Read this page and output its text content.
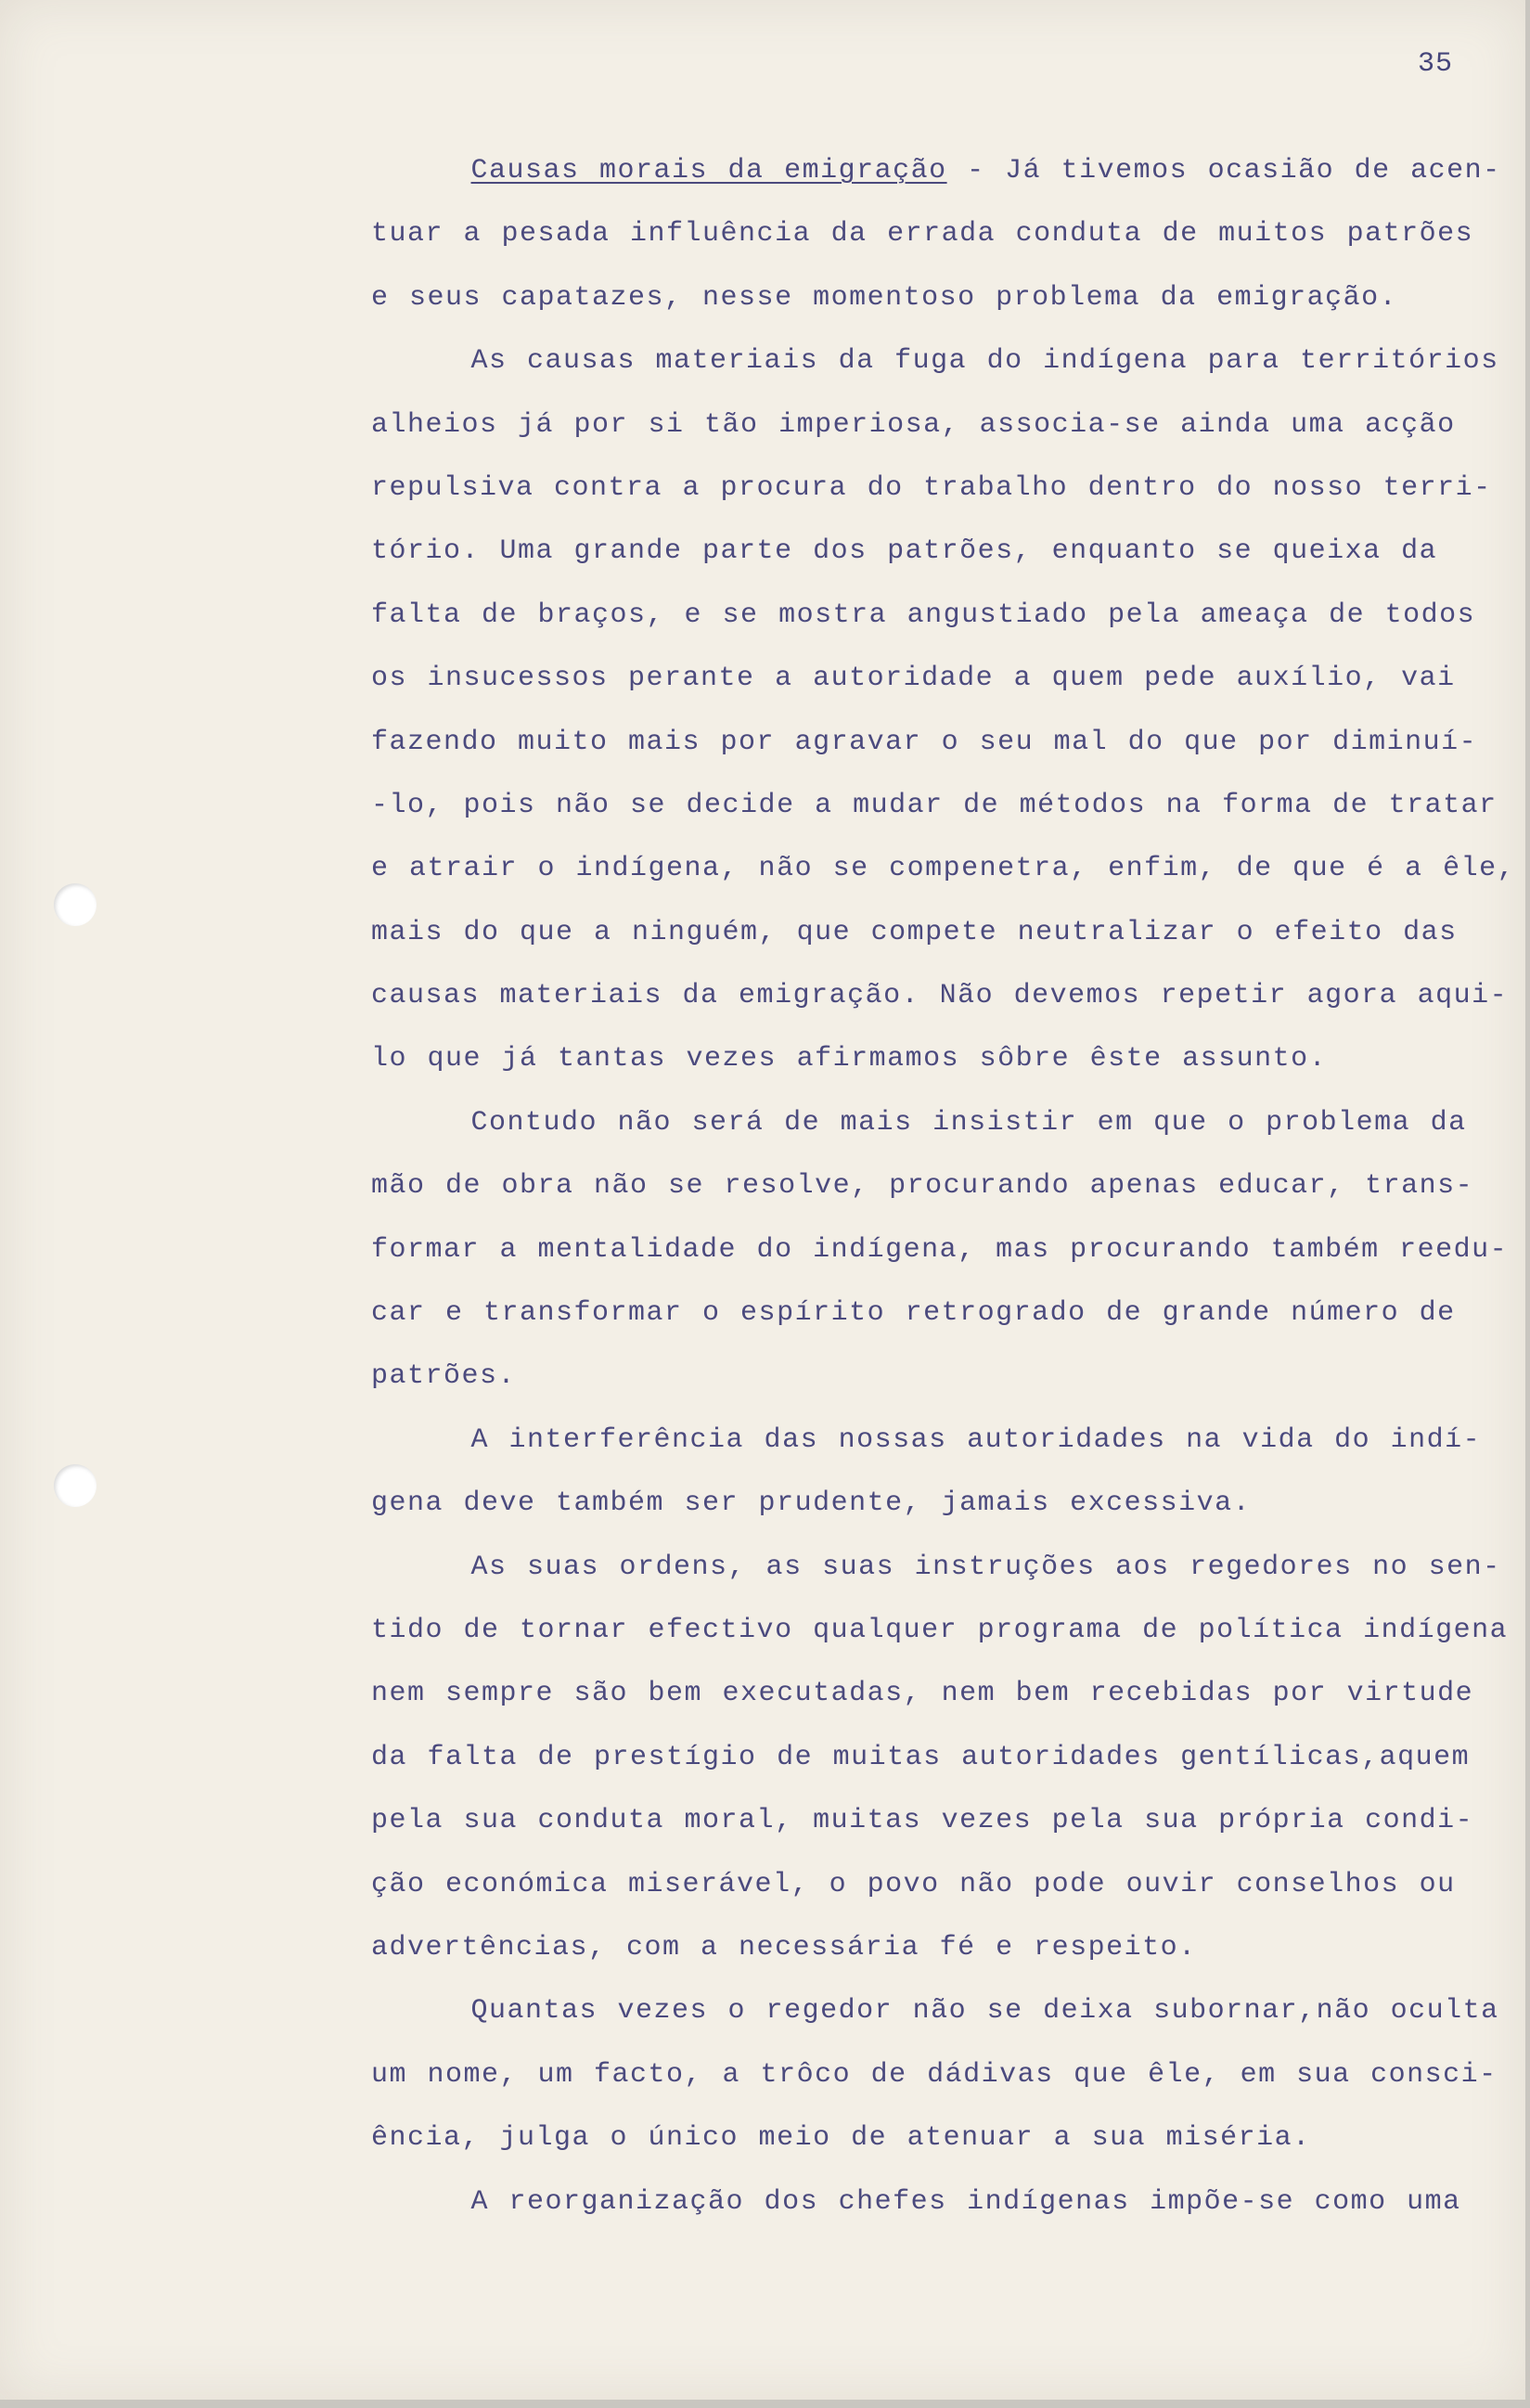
35
Causas morais da emigração - Já tivemos ocasião de acen-
tuar a pesada influência da errada conduta de muitos patrões
e seus capatazes, nesse momentoso problema da emigração.
As causas materiais da fuga do indígena para territórios
alheios já por si tão imperiosa, associa-se ainda uma acção
repulsiva contra a procura do trabalho dentro do nosso terri-
tório. Uma grande parte dos patrões, enquanto se queixa da
falta de braços, e se mostra angustiado pela ameaça de todos
os insucessos perante a autoridade a quem pede auxílio, vai
fazendo muito mais por agravar o seu mal do que por diminuí-
-lo, pois não se decide a mudar de métodos na forma de tratar
e atrair o indígena, não se compenetra, enfim, de que é a êle,
mais do que a ninguém, que compete neutralizar o efeito das
causas materiais da emigração. Não devemos repetir agora aqui-
lo que já tantas vezes afirmamos sôbre êste assunto.
Contudo não será de mais insistir em que o problema da
mão de obra não se resolve, procurando apenas educar, trans-
formar a mentalidade do indígena, mas procurando também reedu-
car e transformar o espírito retrogrado de grande número de
patrões.
A interferência das nossas autoridades na vida do indí-
gena deve também ser prudente, jamais excessiva.
As suas ordens, as suas instruções aos regedores no sen-
tido de tornar efectivo qualquer programa de política indígena
nem sempre são bem executadas, nem bem recebidas por virtude
da falta de prestígio de muitas autoridades gentílicas,aquem
pela sua conduta moral, muitas vezes pela sua própria condi-
ção económica miserável, o povo não pode ouvir conselhos ou
advertências, com a necessária fé e respeito.
Quantas vezes o regedor não se deixa subornar,não oculta
um nome, um facto, a trôco de dádivas que êle, em sua consci-
ência, julga o único meio de atenuar a sua miséria.
A reorganização dos chefes indígenas impõe-se como uma
